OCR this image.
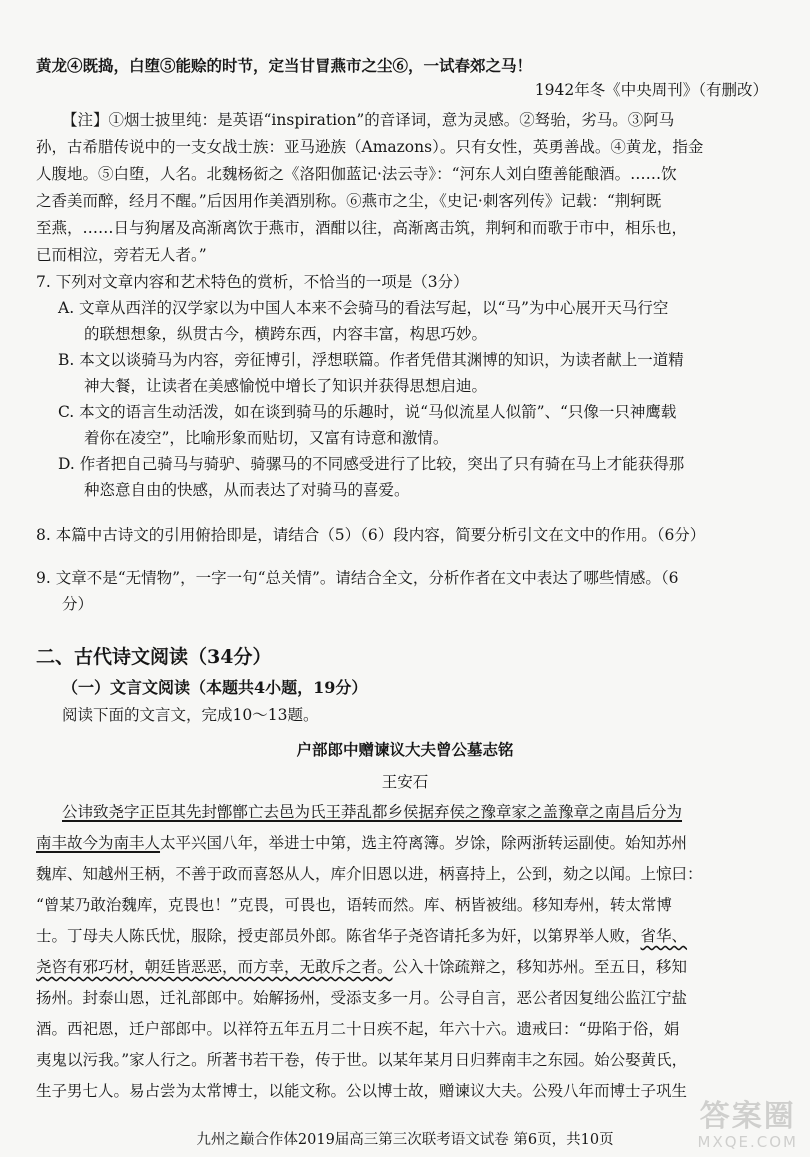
黄龙④既捣，白堕⑤能赊的时节，定当甘冒燕市之尘⑥，一试春郊之马！
1942年冬《中央周刊》（有删改）
【注】①烟士披里纯：是英语“inspiration”的音译词，意为灵感。②驽骀，劣马。③阿马
孙，古希腊传说中的一支女战士族：亚马逊族（Amazons）。只有女性，英勇善战。④黄龙，指金
人腹地。⑤白堕，人名。北魏杨衒之《洛阳伽蓝记·法云寺》：“河东人刘白堕善能酿酒。……饮
之香美而醉，经月不醒。”后因用作美酒别称。⑥燕市之尘，《史记·刺客列传》记载：“荆轲既
至燕，……日与狗屠及高渐离饮于燕市，酒酣以往，高渐离击筑，荆轲和而歌于市中，相乐也，
已而相泣，旁若无人者。”
7. 下列对文章内容和艺术特色的赏析，不恰当的一项是（3分）
A. 文章从西洋的汉学家以为中国人本来不会骑马的看法写起，以“马”为中心展开天马行空
的联想想象，纵贯古今，横跨东西，内容丰富，构思巧妙。
B. 本文以谈骑马为内容，旁征博引，浮想联篇。作者凭借其渊博的知识，为读者献上一道精
神大餐，让读者在美感愉悦中增长了知识并获得思想启迪。
C. 本文的语言生动活泼，如在谈到骑马的乐趣时，说“马似流星人似箭”、“只像一只神鹰载
着你在凌空”，比喻形象而贴切，又富有诗意和激情。
D. 作者把自己骑马与骑驴、骑骡马的不同感受进行了比较，突出了只有骑在马上才能获得那
种恣意自由的快感，从而表达了对骑马的喜爱。
8. 本篇中古诗文的引用俯拾即是，请结合（5）（6）段内容，简要分析引文在文中的作用。（6分）
9. 文章不是“无情物”，一字一句“总关情”。请结合全文，分析作者在文中表达了哪些情感。（6
分）
二、古代诗文阅读（34分）
（一）文言文阅读（本题共4小题，19分）
阅读下面的文言文，完成10～13题。
户部郎中赠谏议大夫曾公墓志铭
王安石
公讳致尧字正臣其先封鄫鄫亡去邑为氏王莽乱都乡侯据弃侯之豫章家之盖豫章之南昌后分为
南丰故今为南丰人太平兴国八年，举进士中第，选主符离簿。岁馀，除两浙转运副使。始知苏州
魏库、知越州王柄，不善于政而喜怒从人，库介旧恩以进，柄喜持上，公到，劾之以闻。上惊曰：
“曾某乃敢治魏库，克畏也！”克畏，可畏也，语转而然。库、柄皆被绌。移知寿州，转太常博
士。丁母夫人陈氏忧，服除，授吏部员外郎。陈省华子尧咨请托多为奸，以第界举人败，省华、
尧咨有邪巧材，朝廷皆恶恶，而方幸，无敢斥之者。公入十馀疏辩之，移知苏州。至五日，移知
扬州。封泰山恩，迁礼部郎中。始解扬州，受添支多一月。公寻自言，恶公者因复绌公监江宁盐
酒。西祀恩，迁户部郎中。以祥符五年五月二十日疾不起，年六十六。遗戒曰：“毋陷于俗，娟
夷鬼以污我。”家人行之。所著书若干卷，传于世。以某年某月日归葬南丰之东园。始公娶黄氏，
生子男七人。易占尝为太常博士，以能文称。公以博士故，赠谏议大夫。公殁八年而博士子巩生
九州之巅合作体2019届高三第三次联考语文试卷 第6页，共10页
答案圈
MXQE.COM
